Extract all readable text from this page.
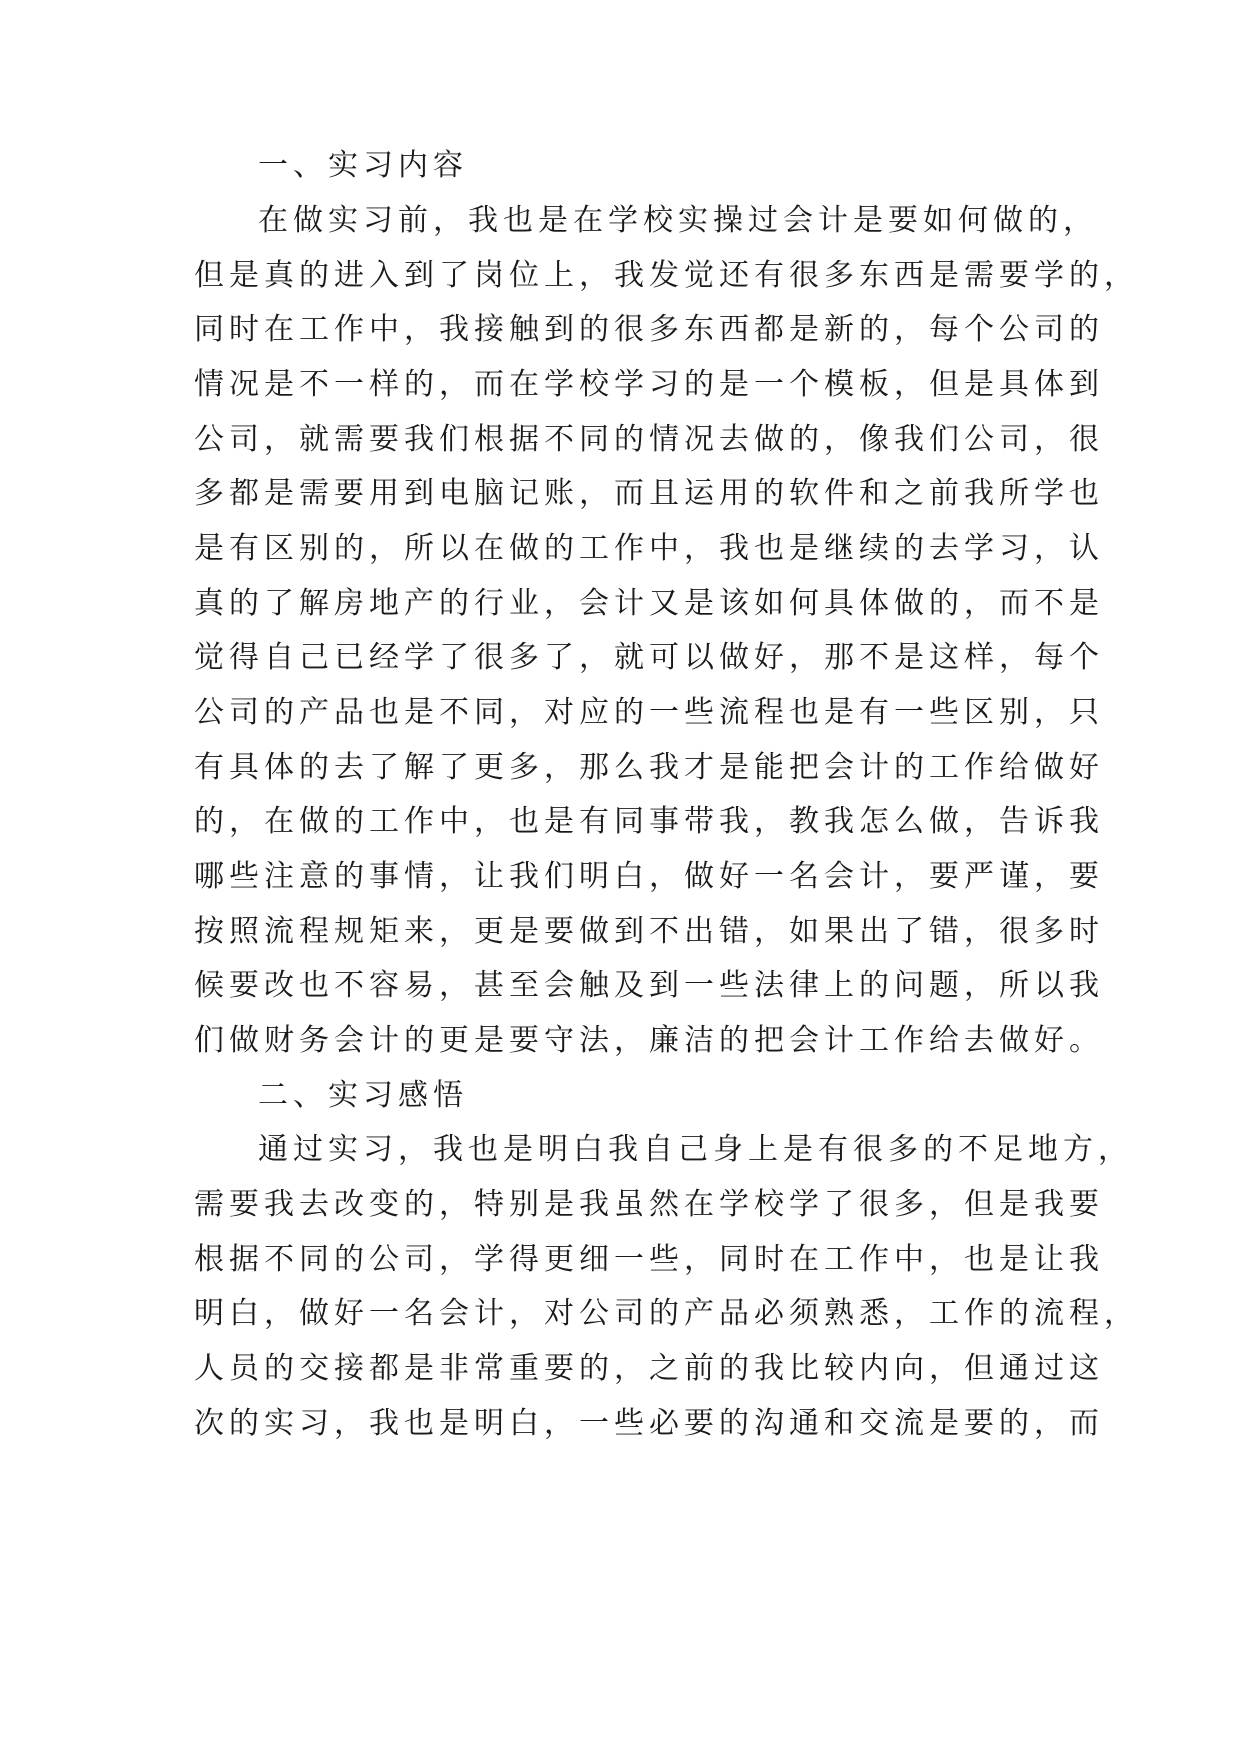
一、实习内容
在做实习前，我也是在学校实操过会计是要如何做的，
但是真的进入到了岗位上，我发觉还有很多东西是需要学的，
同时在工作中，我接触到的很多东西都是新的，每个公司的
情况是不一样的，而在学校学习的是一个模板，但是具体到
公司，就需要我们根据不同的情况去做的，像我们公司，很
多都是需要用到电脑记账，而且运用的软件和之前我所学也
是有区别的，所以在做的工作中，我也是继续的去学习，认
真的了解房地产的行业，会计又是该如何具体做的，而不是
觉得自己已经学了很多了，就可以做好，那不是这样，每个
公司的产品也是不同，对应的一些流程也是有一些区别，只
有具体的去了解了更多，那么我才是能把会计的工作给做好
的，在做的工作中，也是有同事带我，教我怎么做，告诉我
哪些注意的事情，让我们明白，做好一名会计，要严谨，要
按照流程规矩来，更是要做到不出错，如果出了错，很多时
候要改也不容易，甚至会触及到一些法律上的问题，所以我
们做财务会计的更是要守法，廉洁的把会计工作给去做好。
二、实习感悟
通过实习，我也是明白我自己身上是有很多的不足地方，
需要我去改变的，特别是我虽然在学校学了很多，但是我要
根据不同的公司，学得更细一些，同时在工作中，也是让我
明白，做好一名会计，对公司的产品必须熟悉，工作的流程，
人员的交接都是非常重要的，之前的我比较内向，但通过这
次的实习，我也是明白，一些必要的沟通和交流是要的，而
